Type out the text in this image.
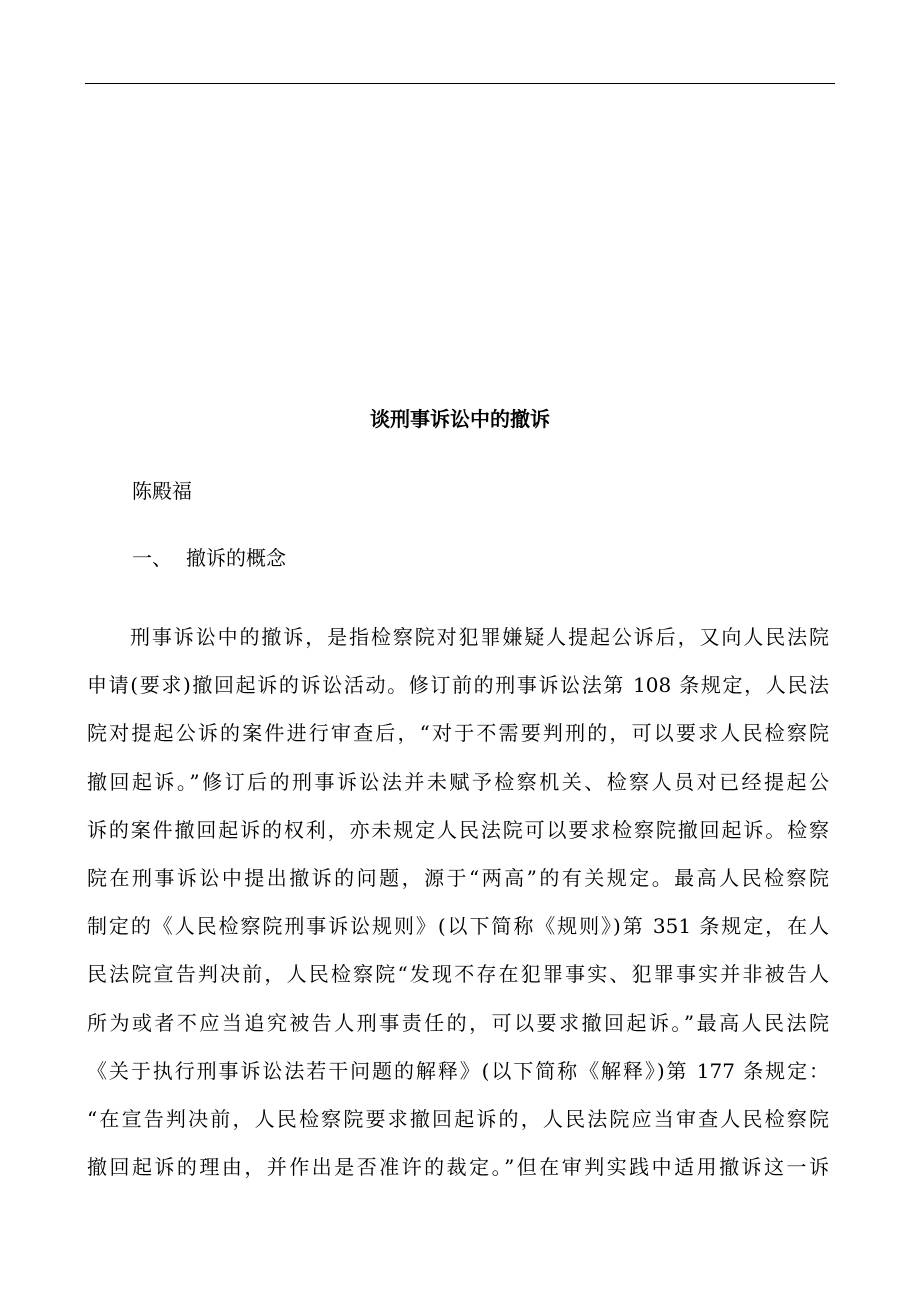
谈刑事诉讼中的撤诉

陈殿福

一、 撤诉的概念

刑事诉讼中的撤诉，是指检察院对犯罪嫌疑人提起公诉后，又向人民法院
申请(要求)撤回起诉的诉讼活动。修订前的刑事诉讼法第 108 条规定，人民法
院对提起公诉的案件进行审查后，“对于不需要判刑的，可以要求人民检察院
撤回起诉。”修订后的刑事诉讼法并未赋予检察机关、检察人员对已经提起公
诉的案件撤回起诉的权利，亦未规定人民法院可以要求检察院撤回起诉。检察
院在刑事诉讼中提出撤诉的问题，源于“两高”的有关规定。最高人民检察院
制定的《人民检察院刑事诉讼规则》(以下简称《规则》)第 351 条规定，在人
民法院宣告判决前，人民检察院“发现不存在犯罪事实、犯罪事实并非被告人
所为或者不应当追究被告人刑事责任的，可以要求撤回起诉。”最高人民法院
《关于执行刑事诉讼法若干问题的解释》(以下简称《解释》)第 177 条规定：
“在宣告判决前，人民检察院要求撤回起诉的，人民法院应当审查人民检察院
撤回起诉的理由，并作出是否准许的裁定。”但在审判实践中适用撤诉这一诉
